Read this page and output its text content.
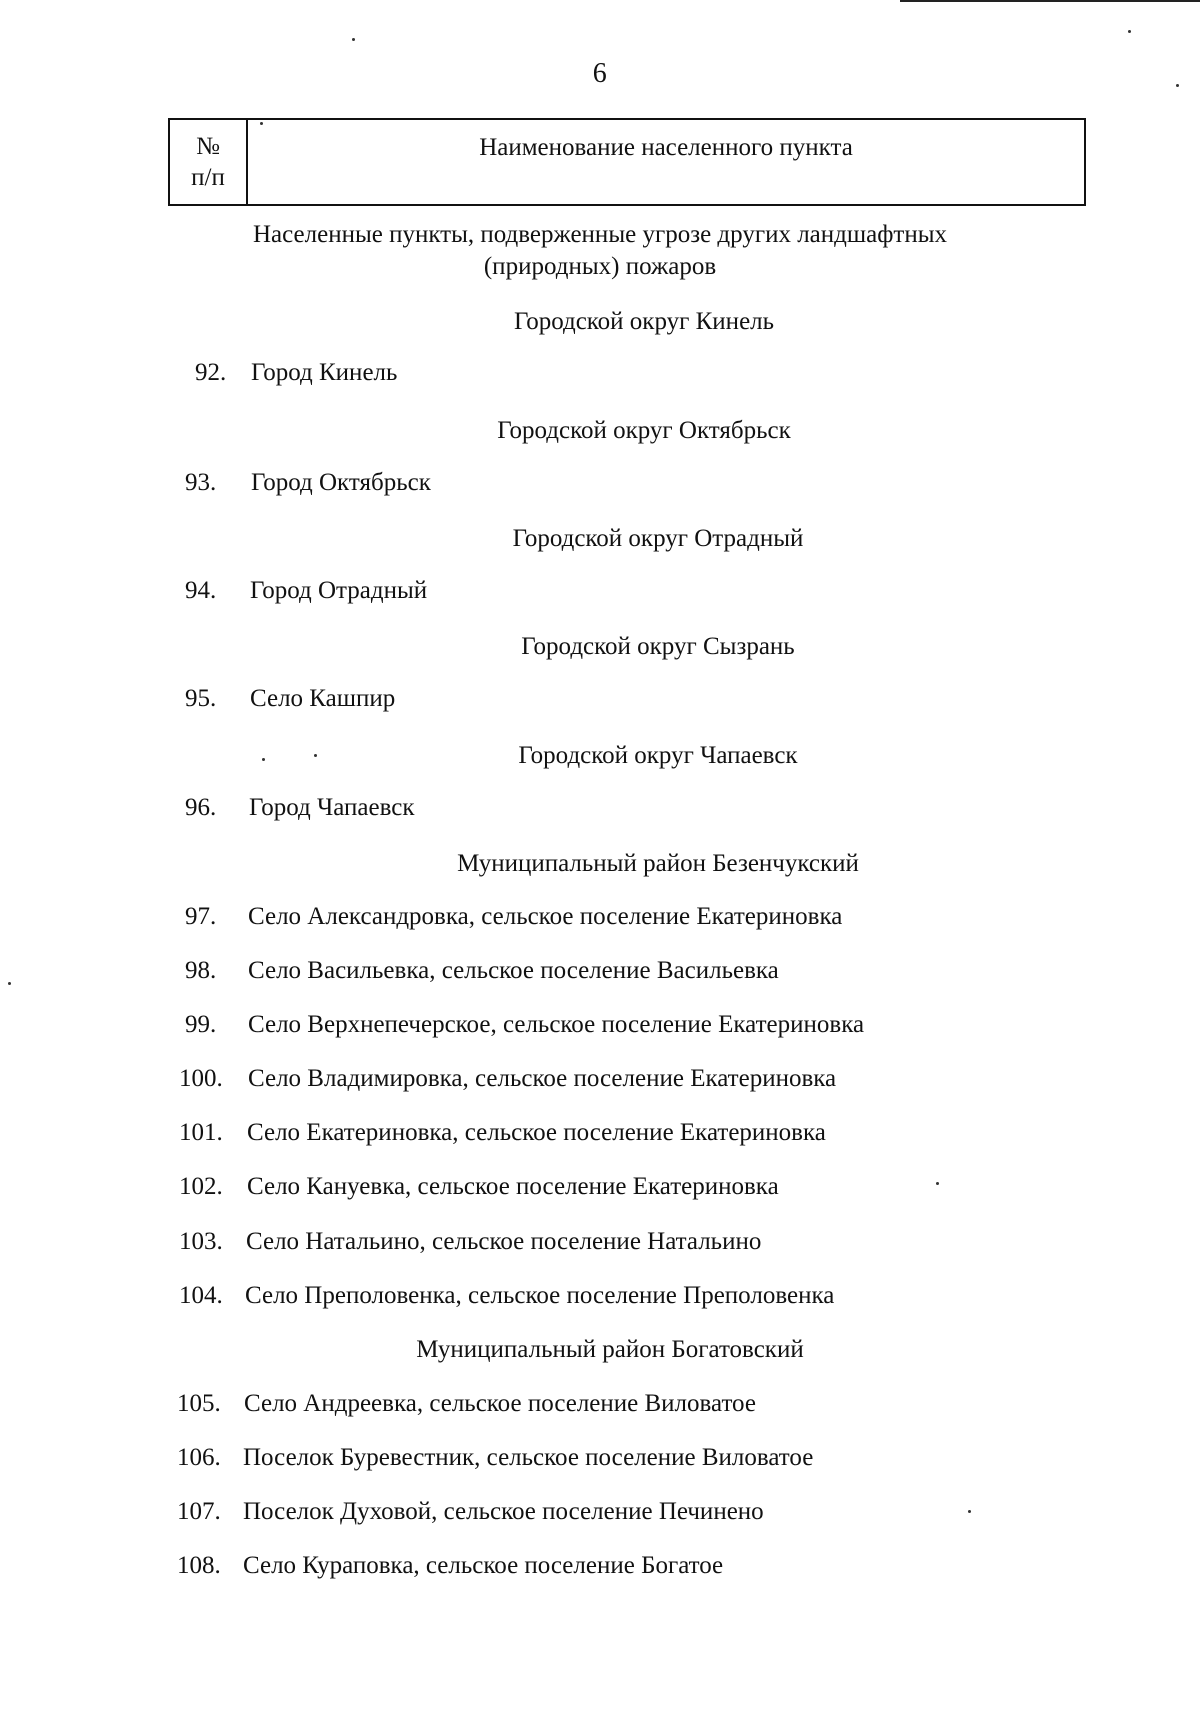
6
№
п/п
Наименование населенного пункта
Населенные пункты, подверженные угрозе других ландшафтных
(природных) пожаров
Городской округ Кинель
92. Город Кинель
Городской округ Октябрьск
93. Город Октябрьск
Городской округ Отрадный
94. Город Отрадный
Городской округ Сызрань
95. Село Кашпир
Городской округ Чапаевск
96. Город Чапаевск
Муниципальный район Безенчукский
97. Село Александровка, сельское поселение Екатериновка
98. Село Васильевка, сельское поселение Васильевка
99. Село Верхнепечерское, сельское поселение Екатериновка
100. Село Владимировка, сельское поселение Екатериновка
101. Село Екатериновка, сельское поселение Екатериновка
102. Село Кануевка, сельское поселение Екатериновка
103. Село Натальино, сельское поселение Натальино
104. Село Преполовенка, сельское поселение Преполовенка
Муниципальный район Богатовский
105. Село Андреевка, сельское поселение Виловатое
106. Поселок Буревестник, сельское поселение Виловатое
107. Поселок Духовой, сельское поселение Печинено
108. Село Кураповка, сельское поселение Богатое
